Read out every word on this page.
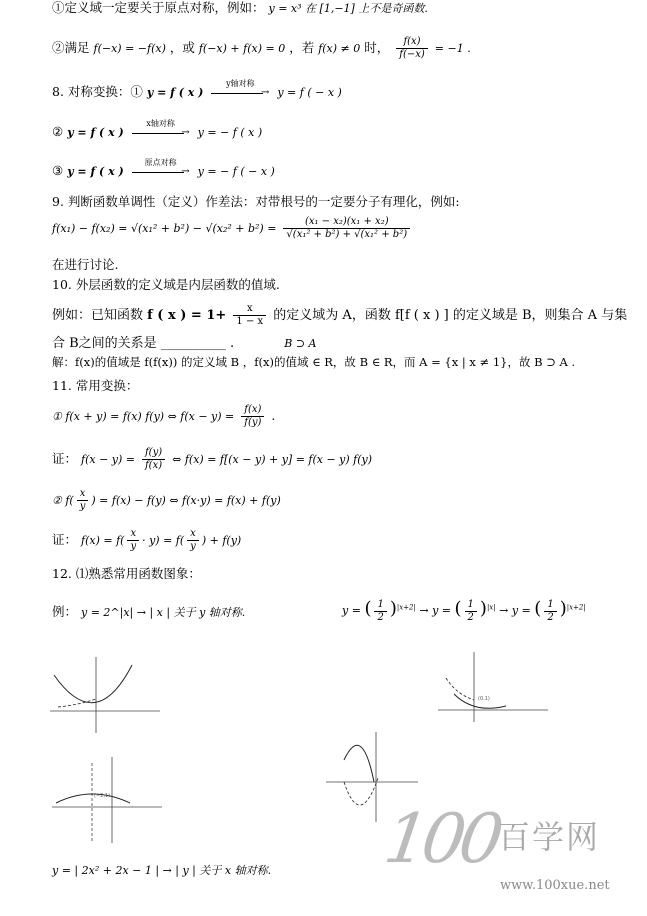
①定义域一定要关于原点对称，例如： y = x³ 在 [1,−1] 上不是奇函数.
②满足 f(−x) = −f(x) ，或 f(−x) + f(x) = 0 ，若 f(x) ≠ 0 时， $\frac{f(x)}{f(-x)} = -1$ .
8. 对称变换：① y = f ( x )
y轴对称
→ y = f ( − x )
② y = f ( x )
x轴对称
→ y = − f ( x )
③ y = f ( x )
原点对称
→ y = − f ( − x )
9. 判断函数单调性（定义）作差法：对带根号的一定要分子有理化，例如:
$f(x_1) - f(x_2) = √(x_1^2 + b^2) - √(x_2^2 + b^2) = \frac{\text{(x₁ − x₂)(x₁ + x₂)}}{\text{√(x₁² + b²) + √(x₁² + b²)}}$
在进行讨论.
10. 外层函数的定义域是内层函数的值域.
例如：已知函数 f ( x ) = $1+ \frac{x}{1 - x}$ 的定义域为 A，函数 f[f ( x ) ] 的定义域是 B，则集合 A 与集
合 B之间的关系是 __________ .	B ⊃ A
解：f(x)的值域是 f(f(x)) 的定义域 B ，f(x)的值域 ∈ R，故 B ∈ R，而 A = {x | x ≠ 1}，故 B ⊃ A .
11. 常用变换：
① f(x + y) = f(x) f(y) ⇔ $f(x - y) = \frac{f(x)}{f(y)}$ .
证： $f(x - y) = \frac{f(y)}{f(x)}$ ⇔ f(x) = f[(x − y) + y] = f(x − y) f(y)
② $f( \frac{x}{y}$ ) = f(x) − f(y) ⇔ f(x·y) = f(x) + f(y)
证： $f(x) = f( \frac{x}{y} \cdot y) = f( \frac{x}{y}$ ) + f(y)
12. ⑴熟悉常用函数图象：
例： y = 2^|x| → | x | 关于 y 轴对称.	y = ( $\frac{1}{2} )^{|x+2|} \to y$ = ( $\frac{1}{2} )^{|x|} \to y$ = ( $\frac{1}{2} )^{|x+2|}$
(0,1)
(−2,1)
y = | 2x² + 2x − 1 | → | y | 关于 x 轴对称. 100
百学网
www.100xue.net
